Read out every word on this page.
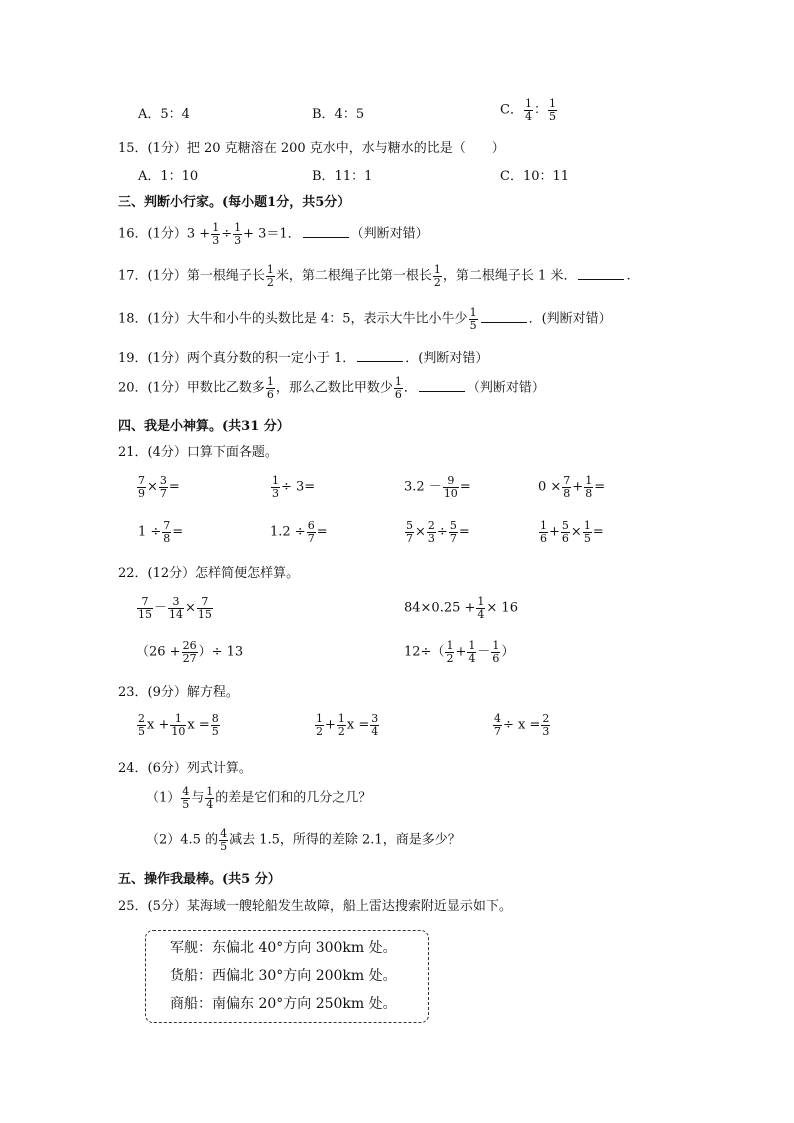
A．5：4	B．4：5	C． $\frac{1}{4}$ ： $\frac{1}{5}$
15．(1分）把 20 克糖溶在 200 克水中，水与糖水的比是（　　）
A．1：10	B．11：1	C．10：11
三、判断小行家。(每小题1分，共5分）
16．(1分）$3 + \frac{1}{3} \div \frac{1}{3} + 3=1$．	（判断对错）
17．(1分）第一根绳子长 $\frac{1}{2}$ 米，第二根绳子比第一根长 $\frac{1}{2}$ ，第二根绳子长 1 米．	.
18．(1分）大牛和小牛的头数比是 4：5，表示大牛比小牛少 $\frac{1}{5}$	．(判断对错）
19．(1分）两个真分数的积一定小于 1．	．(判断对错）
20．(1分）甲数比乙数多 $\frac{1}{6}$ ，那么乙数比甲数少 $\frac{1}{6}$ ．	（判断对错）
四、我是小神算。(共31 分）
21．(4分）口算下面各题。
$\frac{7}{9} \times \frac{3}{7}$ =	$\frac{1}{3} \div 3=$	$3.2 - \frac{9}{10}$ =	$0 \times \frac{7}{8} + \frac{1}{8}$ =
$1 \div \frac{7}{8}$ =	$1.2 \div \frac{6}{7}$ =	$\frac{5}{7} \times \frac{2}{3} \div \frac{5}{7}$ =	$\frac{1}{6} + \frac{5}{6} \times \frac{1}{5}$ =
22．(12分）怎样简便怎样算。
$\frac{7}{15} - \frac{3}{14} \times \frac{7}{15}$	$84\times 0.25 + \frac{1}{4} \times 16$
（$26 + \frac{26}{27}$ ）÷ 13	$12\div( \frac{1}{2} + \frac{1}{4} - \frac{1}{6}$ ）
23．(9分）解方程。
$\frac{2}{5}$ $x + \frac{1}{10}$ $x = \frac{8}{5}$	$\frac{1}{2} + \frac{1}{2}$ $x = \frac{3}{4}$	$\frac{4}{7} \div x = \frac{2}{3}$
24．(6分）列式计算。
$(1) \frac{4}{5}$ 与 $\frac{1}{4}$ 的差是它们和的几分之几？
（2）4.5 的 $\frac{4}{5}$ 减去 1.5，所得的差除 2.1，商是多少？
五、操作我最棒。(共5 分）
25．(5分）某海域一艘轮船发生故障，船上雷达搜索附近显示如下。
军舰：东偏北 40°方向 300km 处。
货船：西偏北 30°方向 200km 处。
商船：南偏东 20°方向 250km 处。
